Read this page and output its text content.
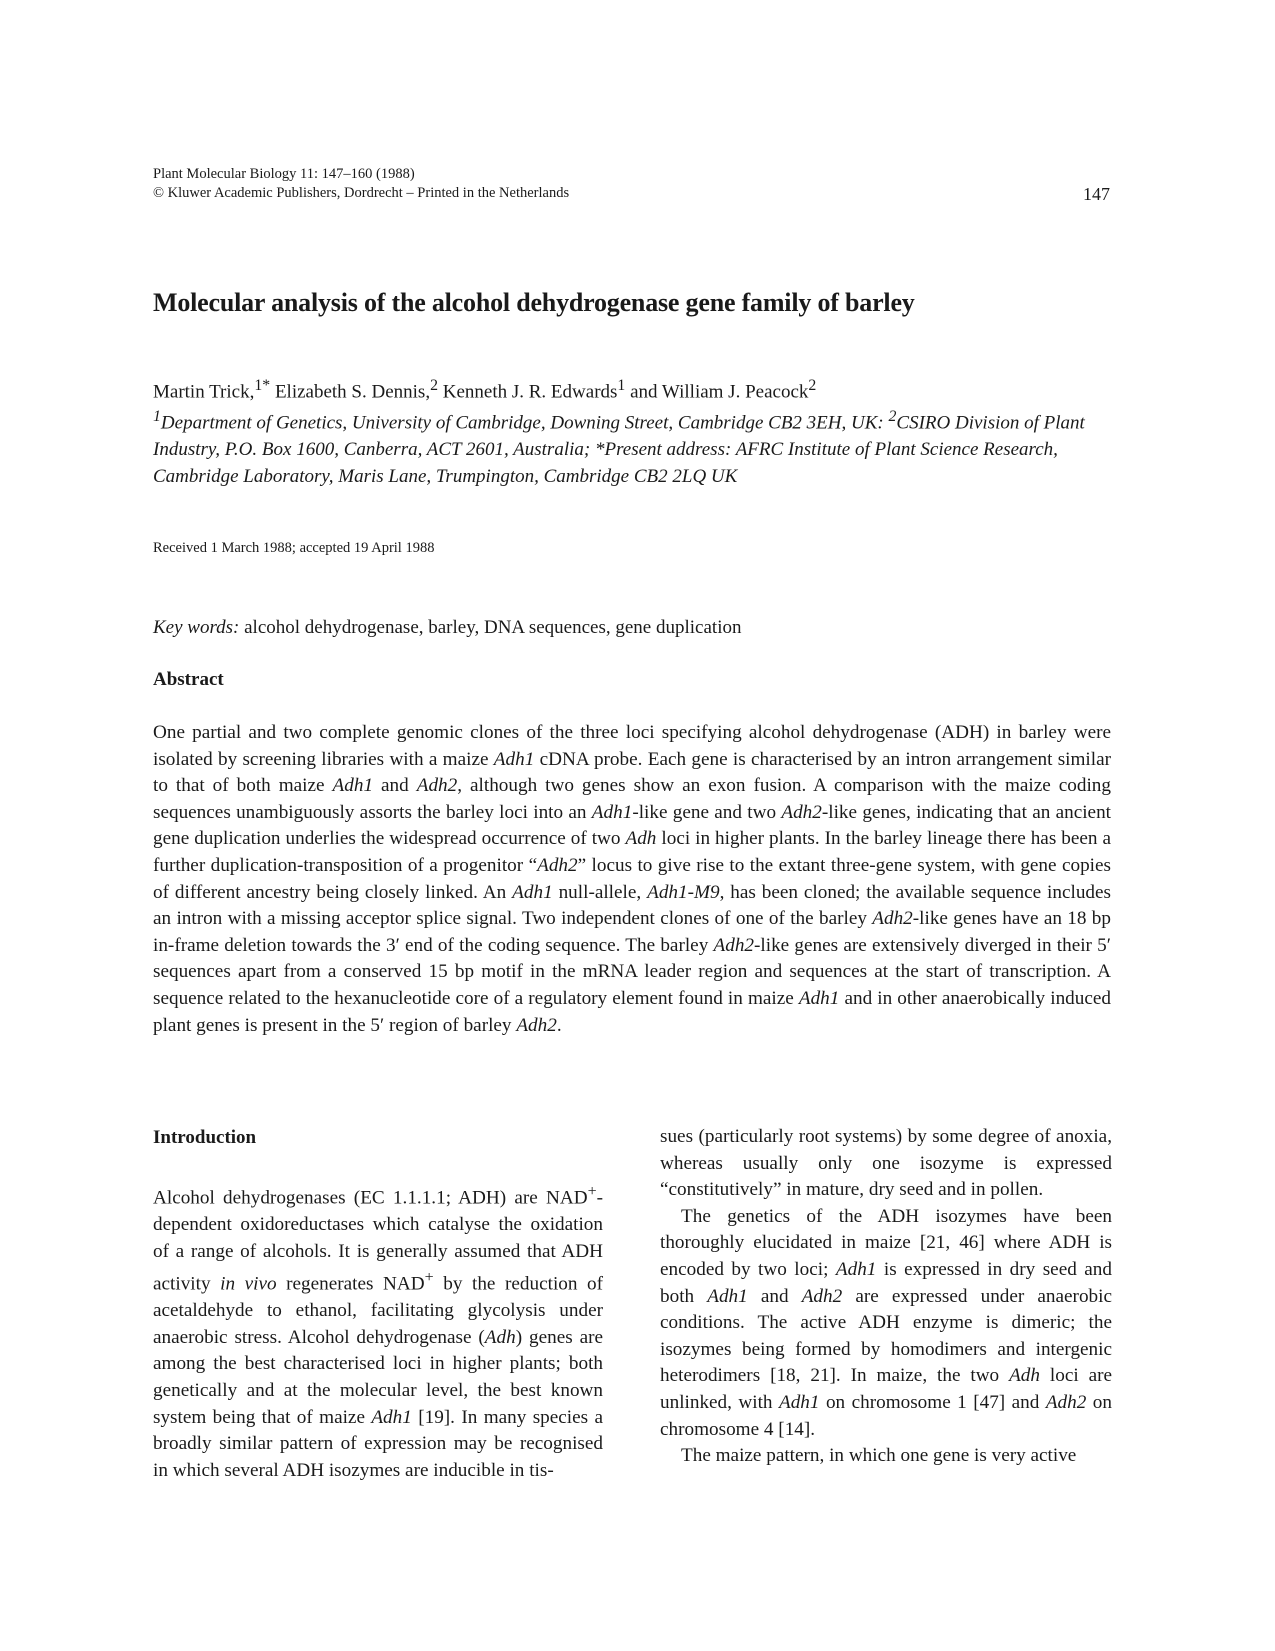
Plant Molecular Biology 11: 147–160 (1988)
© Kluwer Academic Publishers, Dordrecht – Printed in the Netherlands	147
Molecular analysis of the alcohol dehydrogenase gene family of barley
Martin Trick,$^{1*}$ Elizabeth S. Dennis,$^2$ Kenneth J. R. Edwards$^1$ and William J. Peacock$^2$
$^1$Department of Genetics, University of Cambridge, Downing Street, Cambridge CB2 3EH, UK: $^2$CSIRO Division of Plant Industry, P.O. Box 1600, Canberra, ACT 2601, Australia; *Present address: AFRC Institute of Plant Science Research, Cambridge Laboratory, Maris Lane, Trumpington, Cambridge CB2 2LQ UK
Received 1 March 1988; accepted 19 April 1988
Key words: alcohol dehydrogenase, barley, DNA sequences, gene duplication
Abstract

One partial and two complete genomic clones of the three loci specifying alcohol dehydrogenase (ADH) in barley were isolated by screening libraries with a maize Adh1 cDNA probe. Each gene is characterised by an intron arrangement similar to that of both maize Adh1 and Adh2, although two genes show an exon fusion. A comparison with the maize coding sequences unambiguously assorts the barley loci into an Adh1-like gene and two Adh2-like genes, indicating that an ancient gene duplication underlies the widespread occurrence of two Adh loci in higher plants. In the barley lineage there has been a further duplication-transposition of a progenitor “Adh2” locus to give rise to the extant three-gene system, with gene copies of different ancestry being closely linked. An Adh1 null-allele, Adh1-M9, has been cloned; the available sequence includes an intron with a missing acceptor splice signal. Two independent clones of one of the barley Adh2-like genes have an 18 bp in-frame deletion towards the 3′ end of the coding sequence. The barley Adh2-like genes are extensively diverged in their 5′ sequences apart from a conserved 15 bp motif in the mRNA leader region and sequences at the start of transcription. A sequence related to the hexanucleotide core of a regulatory element found in maize Adh1 and in other anaerobically induced plant genes is present in the 5′ region of barley Adh2.

Introduction

Alcohol dehydrogenases (EC 1.1.1.1; ADH) are NAD+-dependent oxidoreductases which catalyse the oxidation of a range of alcohols. It is generally assumed that ADH activity in vivo regenerates NAD+ by the reduction of acetaldehyde to ethanol, facilitating glycolysis under anaerobic stress. Alcohol dehydrogenase (Adh) genes are among the best characterised loci in higher plants; both genetically and at the molecular level, the best known system being that of maize Adh1 [19]. In many species a broadly similar pattern of expression may be recognised in which several ADH isozymes are inducible in tis-

sues (particularly root systems) by some degree of anoxia, whereas usually only one isozyme is expressed “constitutively” in mature, dry seed and in pollen.

The genetics of the ADH isozymes have been thoroughly elucidated in maize [21, 46] where ADH is encoded by two loci; Adh1 is expressed in dry seed and both Adh1 and Adh2 are expressed under anaerobic conditions. The active ADH enzyme is dimeric; the isozymes being formed by homodimers and intergenic heterodimers [18, 21]. In maize, the two Adh loci are unlinked, with Adh1 on chromosome 1 [47] and Adh2 on chromosome 4 [14].

The maize pattern, in which one gene is very active
